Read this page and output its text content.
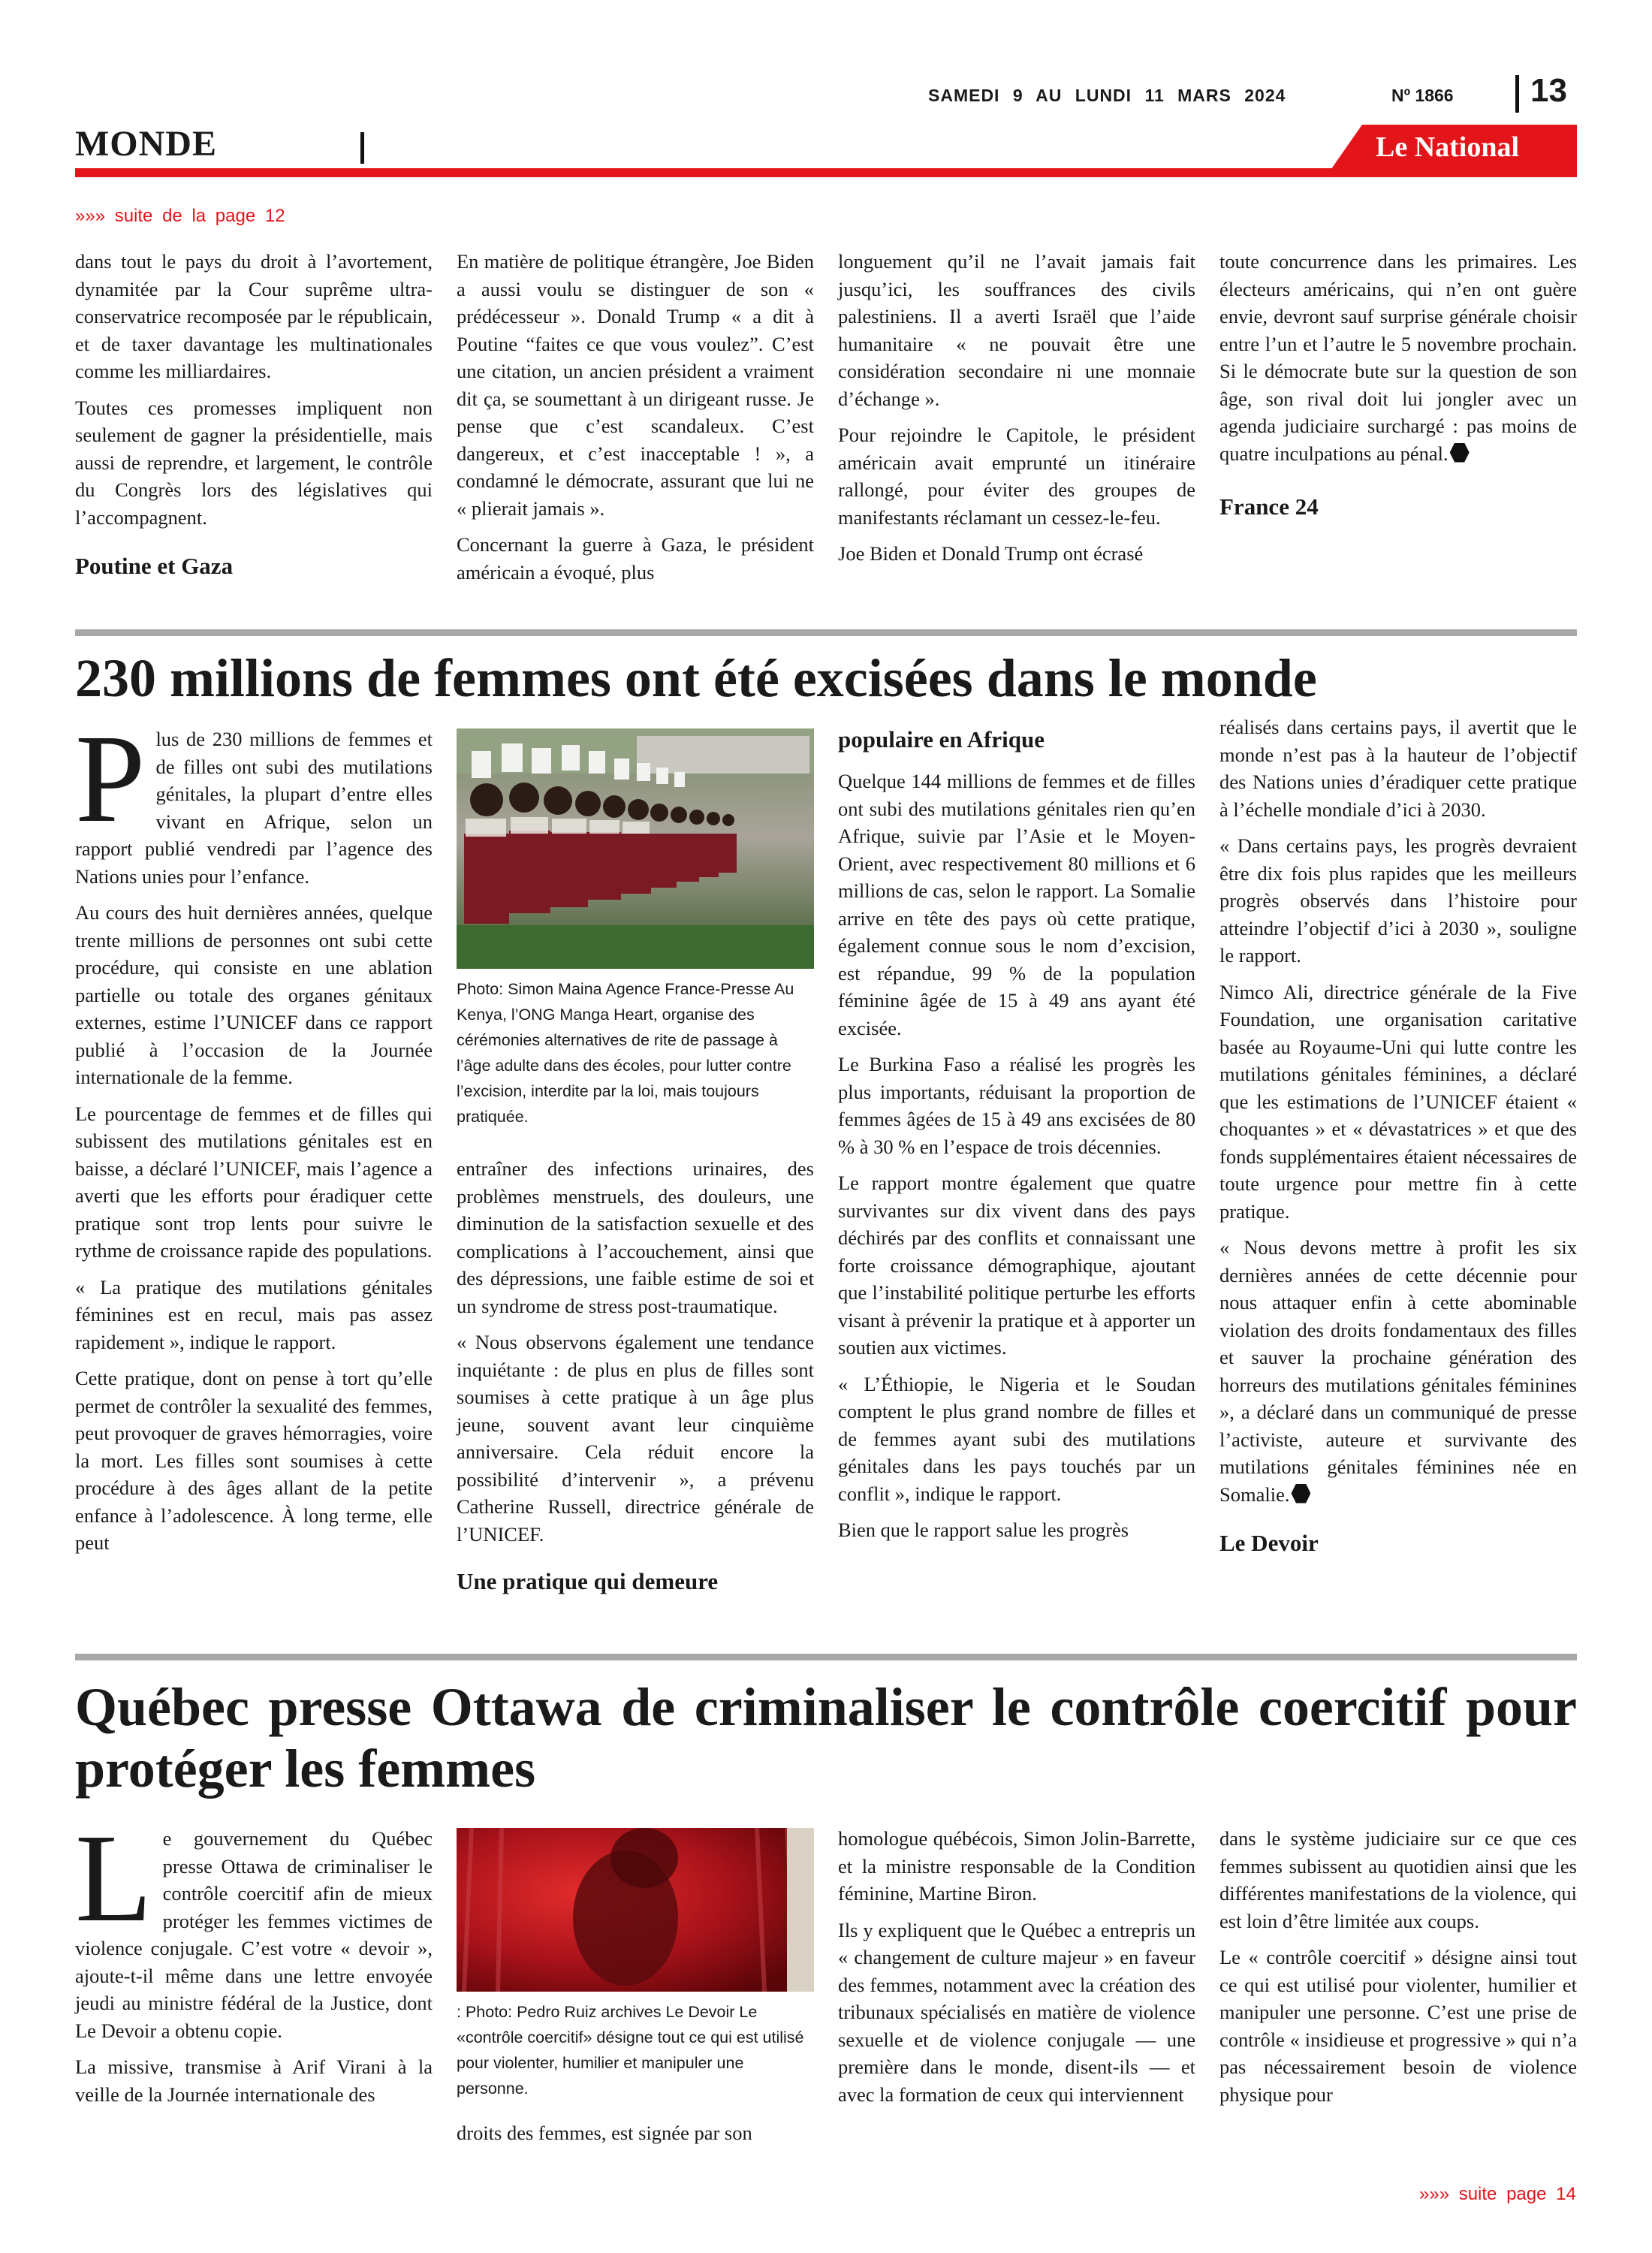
SAMEDI 9 AU LUNDI 11 MARS 2024	Nº 1866 13
MONDE	Le National
»»» suite de la page 12

dans tout le pays du droit à l’avortement, dynamitée par la Cour suprême ultra-conservatrice recomposée par le républicain, et de taxer davantage les multinationales comme les milliardaires.

Toutes ces promesses impliquent non seulement de gagner la présidentielle, mais aussi de reprendre, et largement, le contrôle du Congrès lors des législatives qui l’accompagnent.

Poutine et Gaza

En matière de politique étrangère, Joe Biden a aussi voulu se distinguer de son « prédécesseur ». Donald Trump « a dit à Poutine “faites ce que vous voulez”. C’est une citation, un ancien président a vraiment dit ça, se soumettant à un dirigeant russe. Je pense que c’est scandaleux. C’est dangereux, et c’est inacceptable ! », a condamné le démocrate, assurant que lui ne « plierait jamais ».

Concernant la guerre à Gaza, le président américain a évoqué, plus

longuement qu’il ne l’avait jamais fait jusqu’ici, les souffrances des civils palestiniens. Il a averti Israël que l’aide humanitaire « ne pouvait être une considération secondaire ni une monnaie d’échange ».

Pour rejoindre le Capitole, le président américain avait emprunté un itinéraire rallongé, pour éviter des groupes de manifestants réclamant un cessez-le-feu.

Joe Biden et Donald Trump ont écrasé

toute concurrence dans les primaires. Les électeurs américains, qui n’en ont guère envie, devront sauf surprise générale choisir entre l’un et l’autre le 5 novembre prochain. Si le démocrate bute sur la question de son âge, son rival doit lui jongler avec un agenda judiciaire surchargé : pas moins de quatre inculpations au pénal.

France 24

230 millions de femmes ont été excisées dans le monde

Plus de 230 millions de femmes et de filles ont subi des mutilations génitales, la plupart d’entre elles vivant en Afrique, selon un rapport publié vendredi par l’agence des Nations unies pour l’enfance.

Au cours des huit dernières années, quelque trente millions de personnes ont subi cette procédure, qui consiste en une ablation partielle ou totale des organes génitaux externes, estime l’UNICEF dans ce rapport publié à l’occasion de la Journée internationale de la femme.

Le pourcentage de femmes et de filles qui subissent des mutilations génitales est en baisse, a déclaré l’UNICEF, mais l’agence a averti que les efforts pour éradiquer cette pratique sont trop lents pour suivre le rythme de croissance rapide des populations.

« La pratique des mutilations génitales féminines est en recul, mais pas assez rapidement », indique le rapport.

Cette pratique, dont on pense à tort qu’elle permet de contrôler la sexualité des femmes, peut provoquer de graves hémorragies, voire la mort. Les filles sont soumises à cette procédure à des âges allant de la petite enfance à l’adolescence. À long terme, elle peut

Photo: Simon Maina Agence France-Presse Au Kenya, l’ONG Manga Heart, organise des cérémonies alternatives de rite de passage à l’âge adulte dans des écoles, pour lutter contre l’excision, interdite par la loi, mais toujours pratiquée.

entraîner des infections urinaires, des problèmes menstruels, des douleurs, une diminution de la satisfaction sexuelle et des complications à l’accouchement, ainsi que des dépressions, une faible estime de soi et un syndrome de stress post-traumatique.

« Nous observons également une tendance inquiétante : de plus en plus de filles sont soumises à cette pratique à un âge plus jeune, souvent avant leur cinquième anniversaire. Cela réduit encore la possibilité d’intervenir », a prévenu Catherine Russell, directrice générale de l’UNICEF.

Une pratique qui demeure

populaire en Afrique

Quelque 144 millions de femmes et de filles ont subi des mutilations génitales rien qu’en Afrique, suivie par l’Asie et le Moyen-Orient, avec respectivement 80 millions et 6 millions de cas, selon le rapport. La Somalie arrive en tête des pays où cette pratique, également connue sous le nom d’excision, est répandue, 99 % de la population féminine âgée de 15 à 49 ans ayant été excisée.

Le Burkina Faso a réalisé les progrès les plus importants, réduisant la proportion de femmes âgées de 15 à 49 ans excisées de 80 % à 30 % en l’espace de trois décennies.

Le rapport montre également que quatre survivantes sur dix vivent dans des pays déchirés par des conflits et connaissant une forte croissance démographique, ajoutant que l’instabilité politique perturbe les efforts visant à prévenir la pratique et à apporter un soutien aux victimes.

« L’Éthiopie, le Nigeria et le Soudan comptent le plus grand nombre de filles et de femmes ayant subi des mutilations génitales dans les pays touchés par un conflit », indique le rapport.

Bien que le rapport salue les progrès

réalisés dans certains pays, il avertit que le monde n’est pas à la hauteur de l’objectif des Nations unies d’éradiquer cette pratique à l’échelle mondiale d’ici à 2030.

« Dans certains pays, les progrès devraient être dix fois plus rapides que les meilleurs progrès observés dans l’histoire pour atteindre l’objectif d’ici à 2030 », souligne le rapport.

Nimco Ali, directrice générale de la Five Foundation, une organisation caritative basée au Royaume-Uni qui lutte contre les mutilations génitales féminines, a déclaré que les estimations de l’UNICEF étaient « choquantes » et « dévastatrices » et que des fonds supplémentaires étaient nécessaires de toute urgence pour mettre fin à cette pratique.

« Nous devons mettre à profit les six dernières années de cette décennie pour nous attaquer enfin à cette abominable violation des droits fondamentaux des filles et sauver la prochaine génération des horreurs des mutilations génitales féminines », a déclaré dans un communiqué de presse l’activiste, auteure et survivante des mutilations génitales féminines née en Somalie.

Le Devoir

Québec presse Ottawa de criminaliser le contrôle coercitif pour protéger les femmes

Le gouvernement du Québec presse Ottawa de criminaliser le contrôle coercitif afin de mieux protéger les femmes victimes de violence conjugale. C’est votre « devoir », ajoute-t-il même dans une lettre envoyée jeudi au ministre fédéral de la Justice, dont Le Devoir a obtenu copie.

La missive, transmise à Arif Virani à la veille de la Journée internationale des

: Photo: Pedro Ruiz archives Le Devoir Le «contrôle coercitif» désigne tout ce qui est utilisé pour violenter, humilier et manipuler une personne.

droits des femmes, est signée par son

homologue québécois, Simon Jolin-Barrette, et la ministre responsable de la Condition féminine, Martine Biron.

Ils y expliquent que le Québec a entrepris un « changement de culture majeur » en faveur des femmes, notamment avec la création des tribunaux spécialisés en matière de violence sexuelle et de violence conjugale — une première dans le monde, disent-ils — et avec la formation de ceux qui interviennent

dans le système judiciaire sur ce que ces femmes subissent au quotidien ainsi que les différentes manifestations de la violence, qui est loin d’être limitée aux coups.

Le « contrôle coercitif » désigne ainsi tout ce qui est utilisé pour violenter, humilier et manipuler une personne. C’est une prise de contrôle « insidieuse et progressive » qui n’a pas nécessairement besoin de violence physique pour

»»» suite page 14
